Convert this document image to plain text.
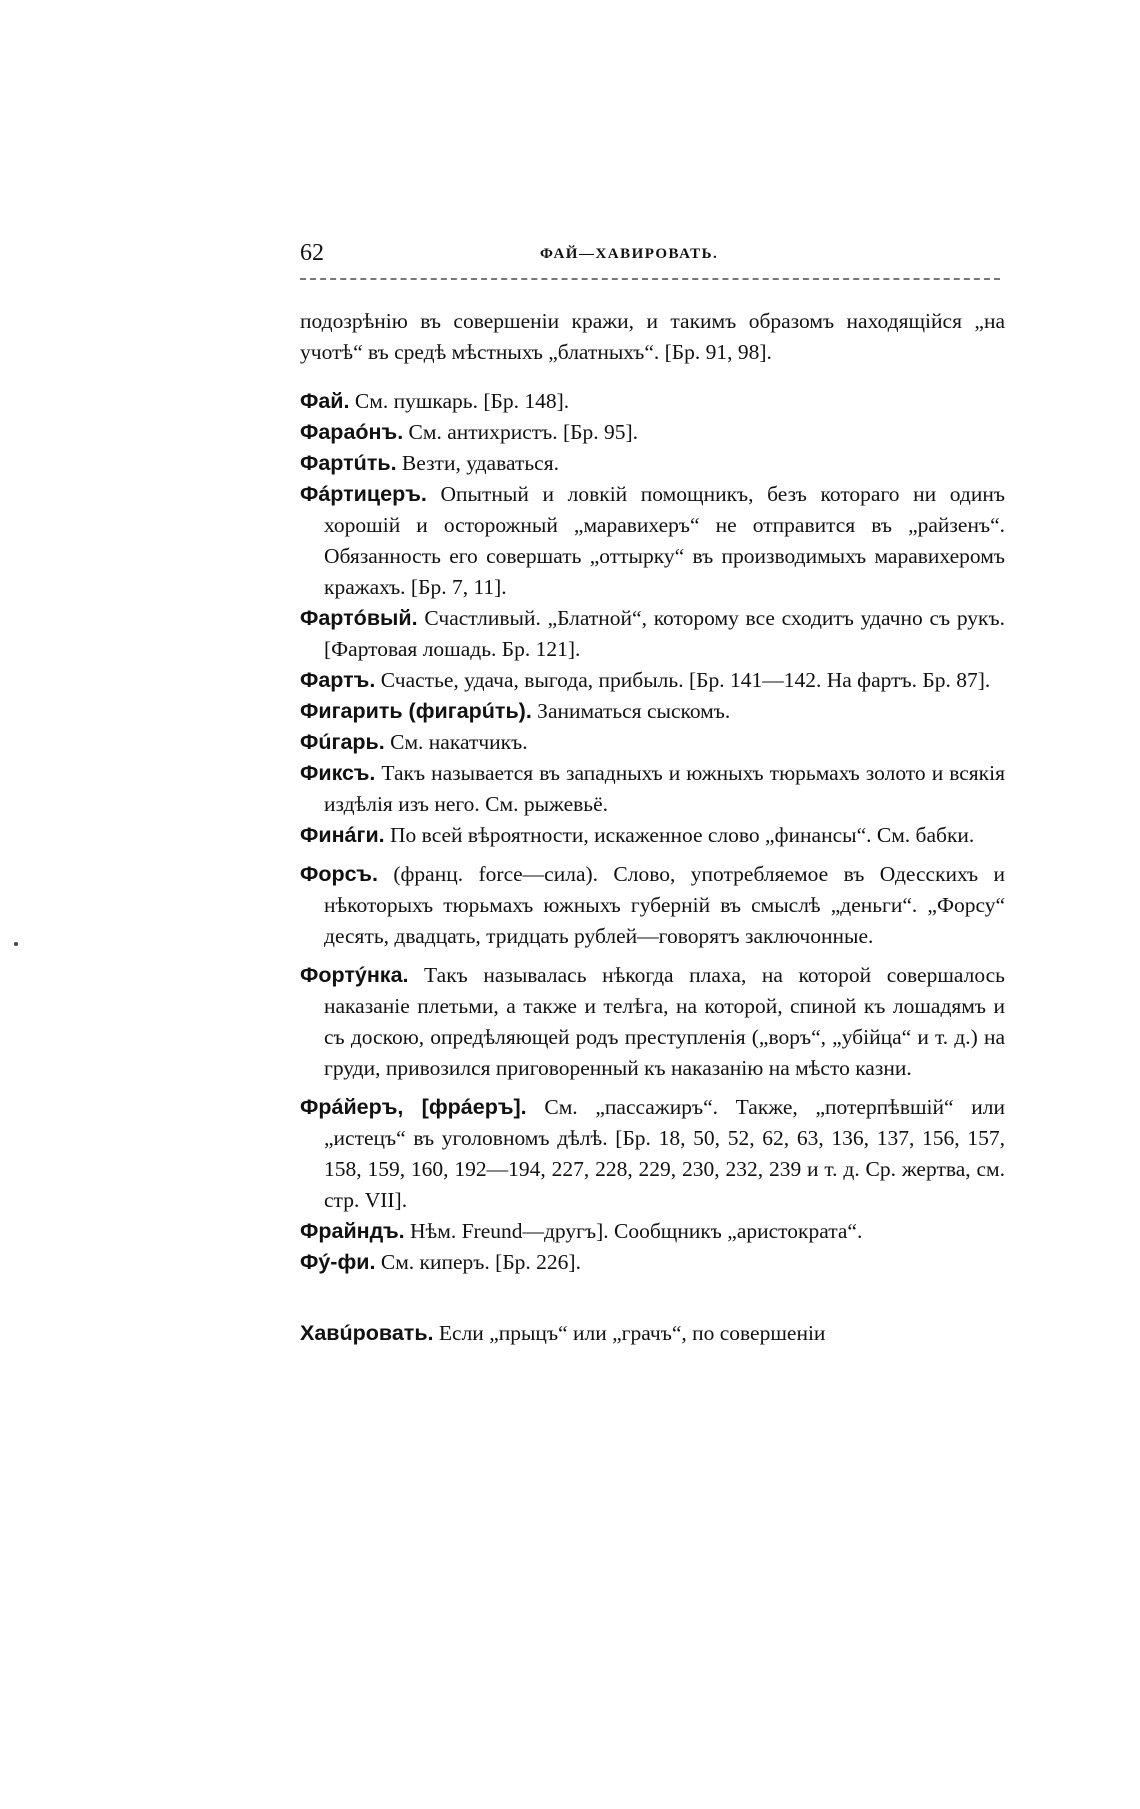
62	ФАЙ—ХАВИРОВАТЬ.

подозрѣнію въ совершеніи кражи, и такимъ образомъ находящійся „на учотѣ“ въ средѣ мѣстныхъ „блатныхъ“. [Бр. 91, 98].

Фай. См. пушкарь. [Бр. 148].

Фараóнъ. См. антихристъ. [Бр. 95].

Фартúть. Везти, удаваться.

Фáртицеръ. Опытный и ловкій помощникъ, безъ котораго ни одинъ хорошій и осторожный „маравихеръ“ не отправится въ „райзенъ“. Обязанность его совершать „оттырку“ въ производимыхъ маравихеромъ кражахъ. [Бр. 7, 11].

Фартóвый. Счастливый. „Блатной“, которому все сходитъ удачно съ рукъ. [Фартовая лошадь. Бр. 121].

Фартъ. Счастье, удача, выгода, прибыль. [Бр. 141—142. На фартъ. Бр. 87].

Фигарить (фигарúть). Заниматься сыскомъ.

Фúгарь. См. накатчикъ.

Фиксъ. Такъ называется въ западныхъ и южныхъ тюрьмахъ золото и всякія издѣлія изъ него. См. рыжевьё.

Финáги. По всей вѣроятности, искаженное слово „финансы“. См. бабки.

Форсъ. (франц. force—сила). Слово, употребляемое въ Одесскихъ и нѣкоторыхъ тюрьмахъ южныхъ губерній въ смыслѣ „деньги“. „Форсу“ десять, двадцать, тридцать рублей—говорятъ заключонные.

Фортýнка. Такъ называлась нѣкогда плаха, на которой совершалось наказаніе плетьми, а также и телѣга, на которой, спиной къ лошадямъ и съ доскою, опредѣляющей родъ преступленія („воръ“, „убійца“ и т. д.) на груди, привозился приговоренный къ наказанію на мѣсто казни.

Фрáйеръ, [фрáеръ]. См. „пассажиръ“. Также, „потерпѣвшій“ или „истецъ“ въ уголовномъ дѣлѣ. [Бр. 18, 50, 52, 62, 63, 136, 137, 156, 157, 158, 159, 160, 192—194, 227, 228, 229, 230, 232, 239 и т. д. Ср. жертва, см. стр. VII].

Фрайндъ. Нѣм. Freund—другъ]. Сообщникъ „аристократа“.

Фý-фи. См. киперъ. [Бр. 226].

Хавúровать. Если „прыцъ“ или „грачъ“, по совершеніи
